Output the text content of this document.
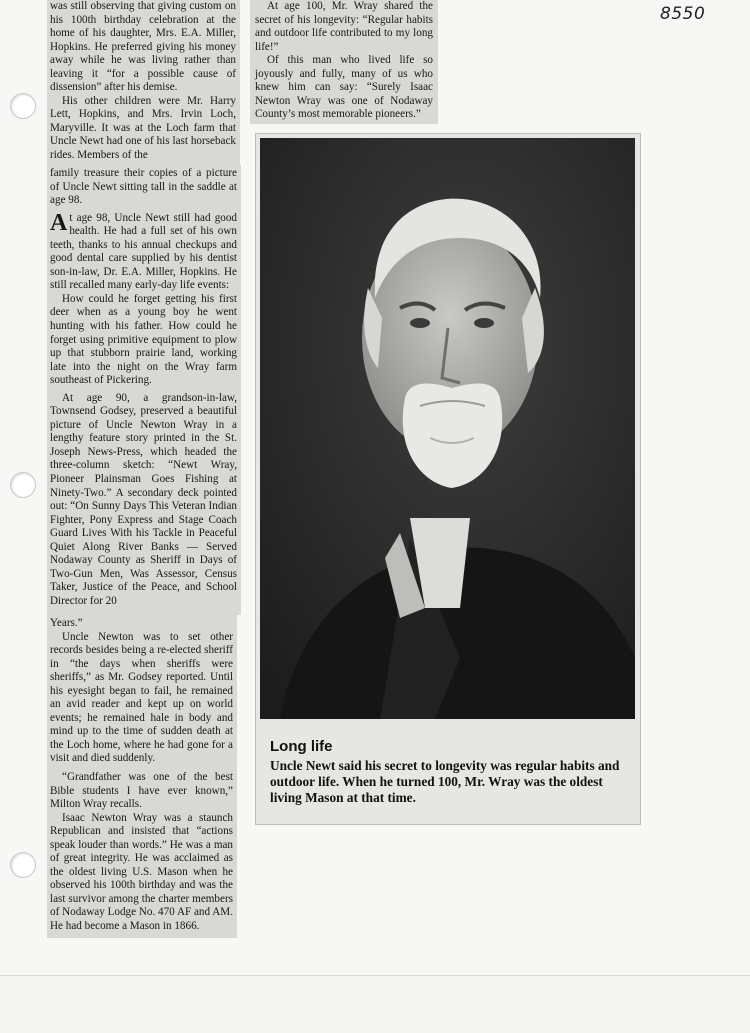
8550

was still observing that giving custom on his 100th birthday celebration at the home of his daughter, Mrs. E.A. Miller, Hopkins. He preferred giving his money away while he was living rather than leaving it “for a possible cause of dissension” after his demise.

His other children were Mr. Harry Lett, Hopkins, and Mrs. Irvin Loch, Maryville. It was at the Loch farm that Uncle Newt had one of his last horseback rides. Members of the

family treasure their copies of a picture of Uncle Newt sitting tall in the saddle at age 98.

At age 98, Uncle Newt still had good health. He had a full set of his own teeth, thanks to his annual checkups and good dental care supplied by his dentist son-in-law, Dr. E.A. Miller, Hopkins. He still recalled many early-day life events:

How could he forget getting his first deer when as a young boy he went hunting with his father. How could he forget using primitive equipment to plow up that stubborn prairie land, working late into the night on the Wray farm southeast of Pickering.

At age 90, a grandson-in-law, Townsend Godsey, preserved a beautiful picture of Uncle Newton Wray in a lengthy feature story printed in the St. Joseph News-Press, which headed the three-column sketch: “Newt Wray, Pioneer Plainsman Goes Fishing at Ninety-Two.” A secondary deck pointed out: “On Sunny Days This Veteran Indian Fighter, Pony Express and Stage Coach Guard Lives With his Tackle in Peaceful Quiet Along River Banks — Served Nodaway County as Sheriff in Days of Two-Gun Men, Was Assessor, Census Taker, Justice of the Peace, and School Director for 20

Years.”

Uncle Newton was to set other records besides being a re-elected sheriff in “the days when sheriffs were sheriffs,” as Mr. Godsey reported. Until his eyesight began to fail, he remained an avid reader and kept up on world events; he remained hale in body and mind up to the time of sudden death at the Loch home, where he had gone for a visit and died suddenly.

“Grandfather was one of the best Bible students I have ever known,” Milton Wray recalls.

Isaac Newton Wray was a staunch Republican and insisted that “actions speak louder than words.” He was a man of great integrity. He was acclaimed as the oldest living U.S. Mason when he observed his 100th birthday and was the last survivor among the charter members of Nodaway Lodge No. 470 AF and AM. He had become a Mason in 1866.

At age 100, Mr. Wray shared the secret of his longevity: “Regular habits and outdoor life contributed to my long life!”

Of this man who lived life so joyously and fully, many of us who knew him can say: “Surely Isaac Newton Wray was one of Nodaway County’s most memorable pioneers.”

Long life

Uncle Newt said his secret to longevity was regular habits and outdoor life. When he turned 100, Mr. Wray was the oldest living Mason at that time.
